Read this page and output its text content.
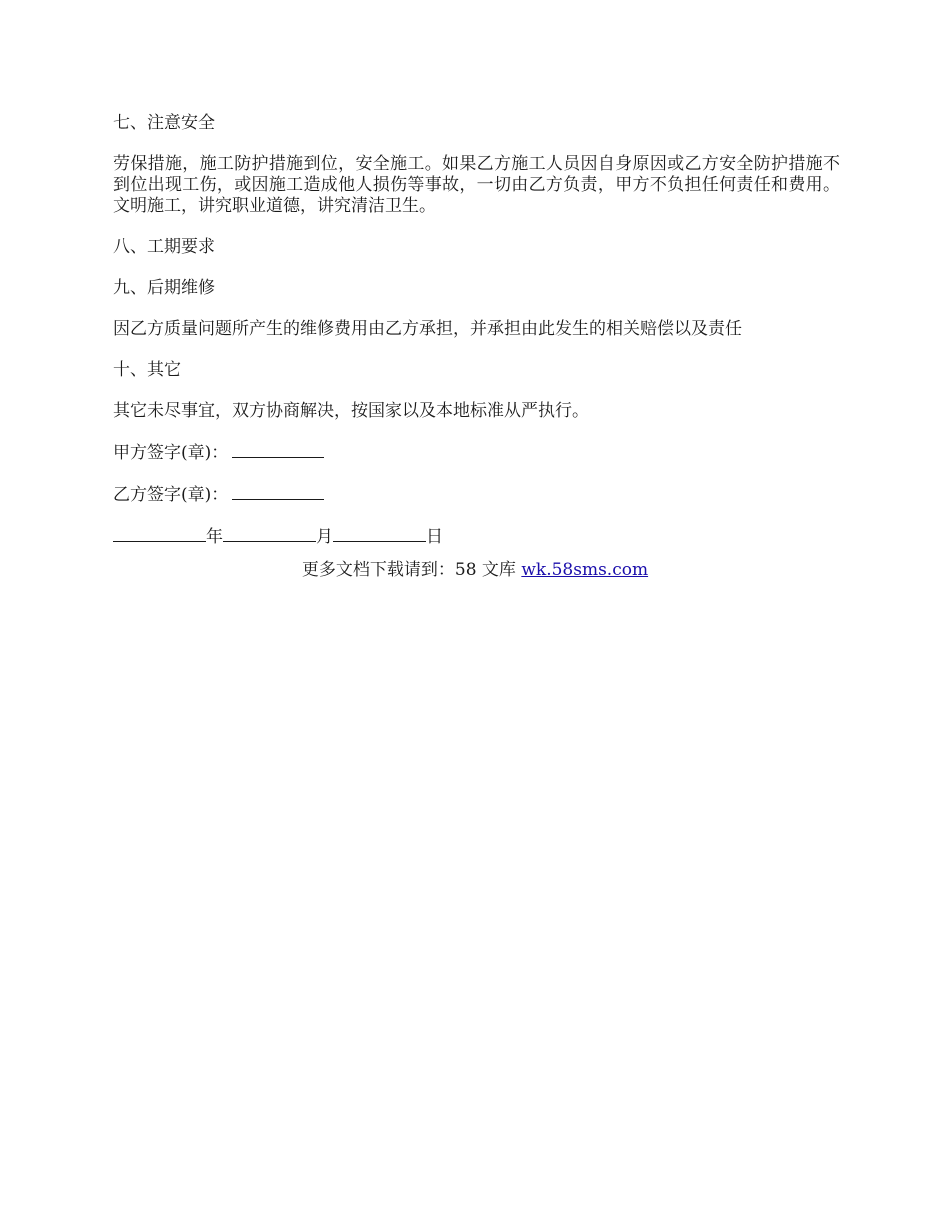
七、注意安全

劳保措施，施工防护措施到位，安全施工。如果乙方施工人员因自身原因或乙方安全防护措施不到位出现工伤，或因施工造成他人损伤等事故，一切由乙方负责，甲方不负担任何责任和费用。文明施工，讲究职业道德，讲究清洁卫生。

八、工期要求

九、后期维修

因乙方质量问题所产生的维修费用由乙方承担，并承担由此发生的相关赔偿以及责任

十、其它

其它未尽事宜，双方协商解决，按国家以及本地标准从严执行。

甲方签字(章)：

乙方签字(章)：

年	月	日

更多文档下载请到：58 文库 wk.58sms.com
